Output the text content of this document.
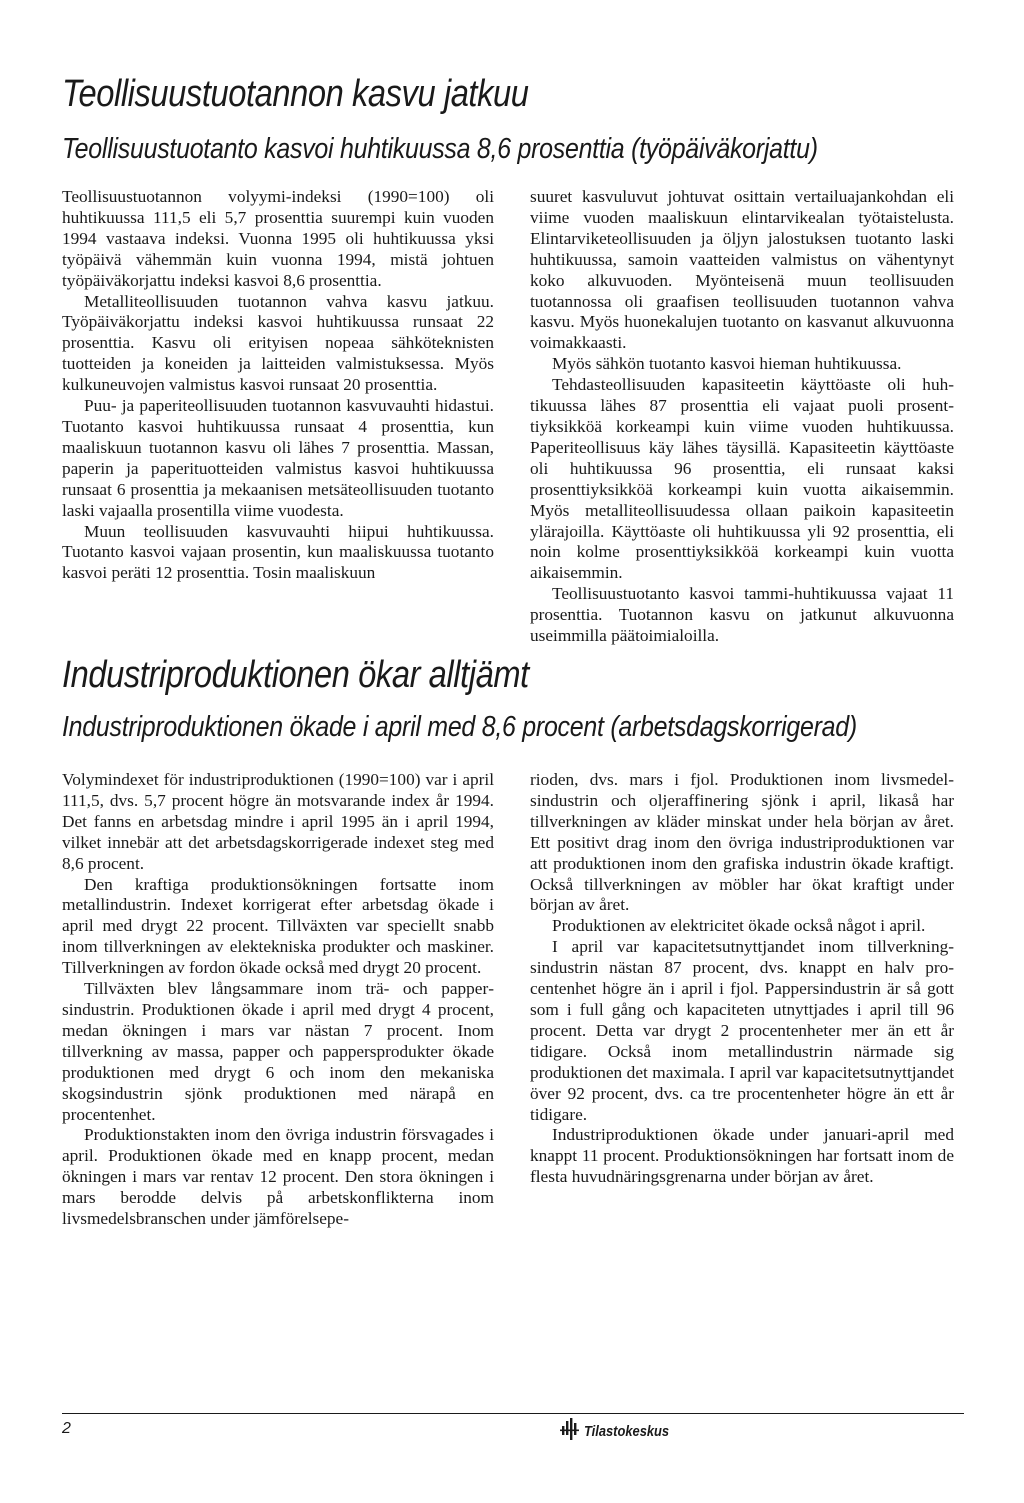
Teollisuustuotannon kasvu jatkuu
Teollisuustuotanto kasvoi huhtikuussa 8,6 prosenttia (työpäiväkorjattu)

Teollisuustuotannon volyymi-indeksi (1990=100) oli huhtikuussa 111,5 eli 5,7 prosenttia suurempi kuin vuoden 1994 vastaava indeksi. Vuonna 1995 oli huhtikuussa yksi työpäivä vähemmän kuin vuonna 1994, mistä johtuen työpäiväkorjattu indeksi kasvoi 8,6 prosenttia.

Metalliteollisuuden tuotannon vahva kasvu jatkuu. Työpäiväkorjattu indeksi kasvoi huhtikuussa runsaat 22 prosenttia. Kasvu oli erityisen nopeaa sähköteknisten tuotteiden ja koneiden ja laitteiden valmistuksessa. Myös kulkuneuvojen valmistus kasvoi runsaat 20 prosenttia.

Puu- ja paperiteollisuuden tuotannon kasvuvauhti hidastui. Tuotanto kasvoi huhtikuussa runsaat 4 prosenttia, kun maaliskuun tuotannon kasvu oli lähes 7 prosenttia. Massan, paperin ja paperituotteiden valmistus kasvoi huhtikuussa runsaat 6 prosenttia ja mekaanisen metsäteollisuuden tuotanto laski vajaalla prosentilla viime vuodesta.

Muun teollisuuden kasvuvauhti hiipui huhtikuussa. Tuotanto kasvoi vajaan prosentin, kun maaliskuussa tuotanto kasvoi peräti 12 prosenttia. Tosin maaliskuun

suuret kasvuluvut johtuvat osittain vertailuajankohdan eli viime vuoden maaliskuun elintarvikealan työtaistelusta. Elintarviketeollisuuden ja öljyn jalostuksen tuotanto laski huhtikuussa, samoin vaatteiden valmistus on vähentynyt koko alkuvuoden. Myönteisenä muun teollisuuden tuotannossa oli graafisen teollisuuden tuotannon vahva kasvu. Myös huonekalujen tuotanto on kasvanut alkuvuonna voimakkaasti.

Myös sähkön tuotanto kasvoi hieman huhtikuussa.

Tehdasteollisuuden kapasiteetin käyttöaste oli huhtikuussa lähes 87 prosenttia eli vajaat puoli prosenttiyksikköä korkeampi kuin viime vuoden huhtikuussa. Paperiteollisuus käy lähes täysillä. Kapasiteetin käyttöaste oli huhtikuussa 96 prosenttia, eli runsaat kaksi prosenttiyksikköä korkeampi kuin vuotta aikaisemmin. Myös metalliteollisuudessa ollaan paikoin kapasiteetin ylärajoilla. Käyttöaste oli huhtikuussa yli 92 prosenttia, eli noin kolme prosenttiyksikköä korkeampi kuin vuotta aikaisemmin.

Teollisuustuotanto kasvoi tammi-huhtikuussa vajaat 11 prosenttia. Tuotannon kasvu on jatkunut alkuvuonna useimmilla päätoimialoilla.

Industriproduktionen ökar alltjämt
Industriproduktionen ökade i april med 8,6 procent (arbetsdagskorrigerad)

Volymindexet för industriproduktionen (1990=100) var i april 111,5, dvs. 5,7 procent högre än motsvarande index år 1994. Det fanns en arbetsdag mindre i april 1995 än i april 1994, vilket innebär att det arbetsdagskorrigerade indexet steg med 8,6 procent.

Den kraftiga produktionsökningen fortsatte inom metallindustrin. Indexet korrigerat efter arbetsdag ökade i april med drygt 22 procent. Tillväxten var speciellt snabb inom tillverkningen av elektekniska produkter och maskiner. Tillverkningen av fordon ökade också med drygt 20 procent.

Tillväxten blev långsammare inom trä- och pappersindustrin. Produktionen ökade i april med drygt 4 procent, medan ökningen i mars var nästan 7 procent. Inom tillverkning av massa, papper och pappersprodukter ökade produktionen med drygt 6 och inom den mekaniska skogsindustrin sjönk produktionen med närapå en procentenhet.

Produktionstakten inom den övriga industrin försvagades i april. Produktionen ökade med en knapp procent, medan ökningen i mars var rentav 12 procent. Den stora ökningen i mars berodde delvis på arbetskonflikterna inom livsmedelsbranschen under jämförelsepe-

rioden, dvs. mars i fjol. Produktionen inom livsmedelsindustrin och oljeraffinering sjönk i april, likaså har tillverkningen av kläder minskat under hela början av året. Ett positivt drag inom den övriga industriproduktionen var att produktionen inom den grafiska industrin ökade kraftigt. Också tillverkningen av möbler har ökat kraftigt under början av året.

Produktionen av elektricitet ökade också något i april.

I april var kapacitetsutnyttjandet inom tillverkningsindustrin nästan 87 procent, dvs. knappt en halv procentenhet högre än i april i fjol. Pappersindustrin är så gott som i full gång och kapaciteten utnyttjades i april till 96 procent. Detta var drygt 2 procentenheter mer än ett år tidigare. Också inom metallindustrin närmade sig produktionen det maximala. I april var kapacitetsutnyttjandet över 92 procent, dvs. ca tre procentenheter högre än ett år tidigare.

Industriproduktionen ökade under januari-april med knappt 11 procent. Produktionsökningen har fortsatt inom de flesta huvudnäringsgrenarna under början av året.

2	Tilastokeskus
